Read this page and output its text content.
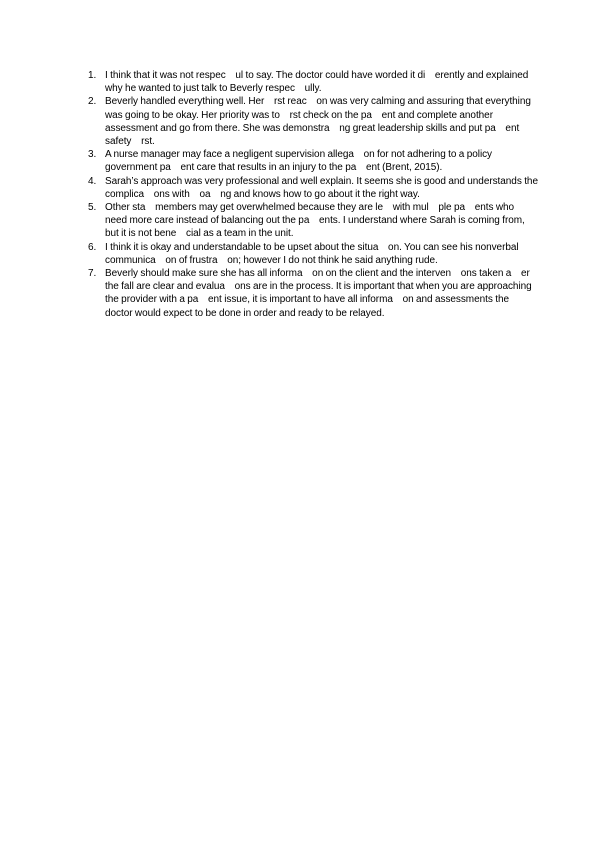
1. I think that it was not respec    ul to say. The doctor could have worded it di    erently and explained why he wanted to just talk to Beverly respec    ully.
2. Beverly handled everything well. Her    rst reac    on was very calming and assuring that everything was going to be okay. Her priority was to    rst check on the pa    ent and complete another assessment and go from there. She was demonstra    ng great leadership skills and put pa    ent safety    rst.
3. A nurse manager may face a negligent supervision allega    on for not adhering to a policy government pa    ent care that results in an injury to the pa    ent (Brent, 2015).
4. Sarah’s approach was very professional and well explain. It seems she is good and understands the complica    ons with    oa    ng and knows how to go about it the right way.
5. Other sta    members may get overwhelmed because they are le    with mul    ple pa    ents who need more care instead of balancing out the pa    ents. I understand where Sarah is coming from, but it is not bene    cial as a team in the unit.
6. I think it is okay and understandable to be upset about the situa    on. You can see his nonverbal communica    on of frustra    on; however I do not think he said anything rude.
7. Beverly should make sure she has all informa    on on the client and the interven    ons taken a    er the fall are clear and evalua    ons are in the process. It is important that when you are approaching the provider with a pa    ent issue, it is important to have all informa    on and assessments the doctor would expect to be done in order and ready to be relayed.
